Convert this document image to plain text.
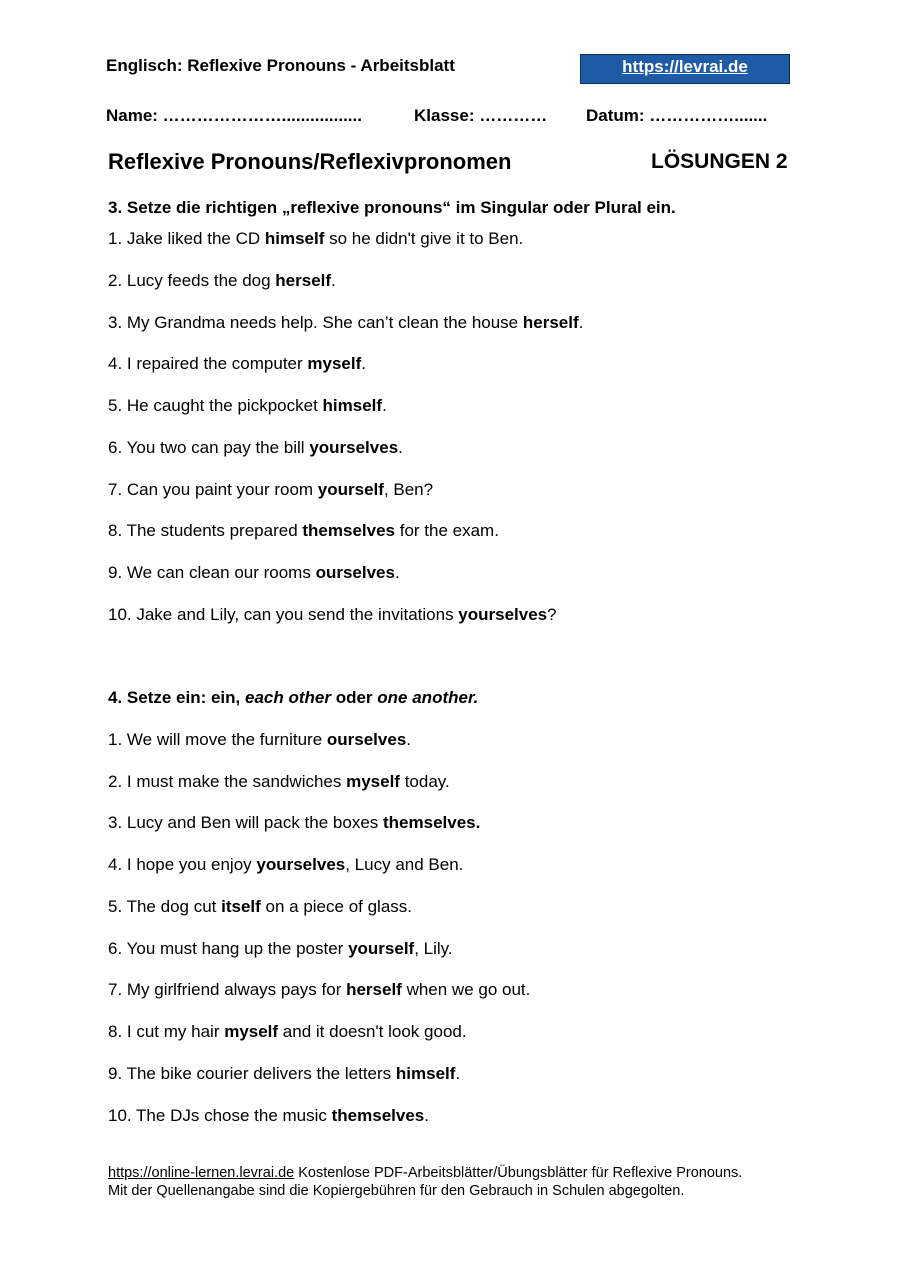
Englisch: Reflexive Pronouns - Arbeitsblatt	https://levrai.de
Name: ………………….................	Klasse: ………… Datum: …………….......
Reflexive Pronouns/Reflexivpronomen	LÖSUNGEN 2
3. Setze die richtigen „reflexive pronouns“ im Singular oder Plural ein.
1. Jake liked the CD himself so he didn't give it to Ben.
2. Lucy feeds the dog herself.
3. My Grandma needs help. She can’t clean the house herself.
4. I repaired the computer myself.
5. He caught the pickpocket himself.
6. You two can pay the bill yourselves.
7. Can you paint your room yourself, Ben?
8. The students prepared themselves for the exam.
9. We can clean our rooms ourselves.
10. Jake and Lily, can you send the invitations yourselves?
4. Setze ein: ein, each other oder one another.
1. We will move the furniture ourselves.
2. I must make the sandwiches myself today.
3. Lucy and Ben will pack the boxes themselves.
4. I hope you enjoy yourselves, Lucy and Ben.
5. The dog cut itself on a piece of glass.
6. You must hang up the poster yourself, Lily.
7. My girlfriend always pays for herself when we go out.
8. I cut my hair myself and it doesn't look good.
9. The bike courier delivers the letters himself.
10. The DJs chose the music themselves.
https://online-lernen.levrai.de Kostenlose PDF-Arbeitsblätter/Übungsblätter für Reflexive Pronouns.
Mit der Quellenangabe sind die Kopiergebühren für den Gebrauch in Schulen abgegolten.
